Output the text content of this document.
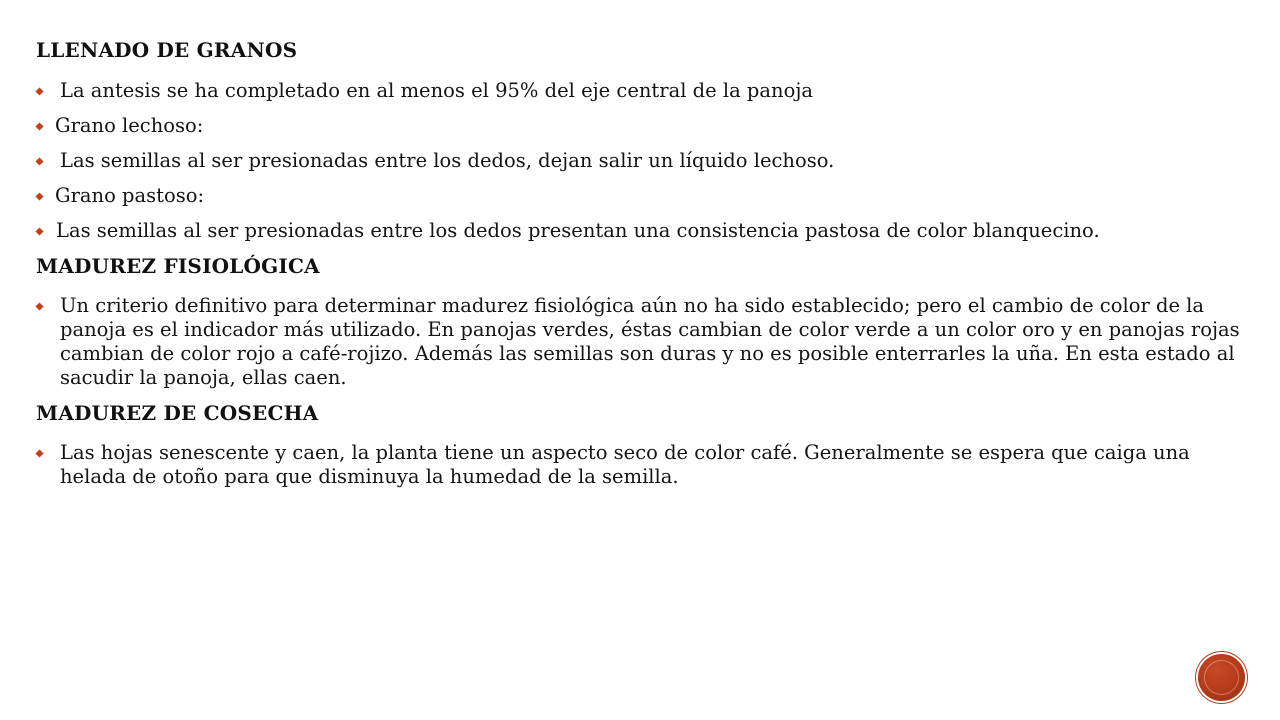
LLENADO DE GRANOS
La antesis se ha completado en al menos el 95% del eje central de la panoja
Grano lechoso:
Las semillas al ser presionadas entre los dedos, dejan salir un líquido lechoso.
Grano pastoso:
Las semillas al ser presionadas entre los dedos presentan una consistencia pastosa de color blanquecino.
MADUREZ FISIOLÓGICA
Un criterio definitivo para determinar madurez fisiológica aún no ha sido establecido; pero el cambio de color de la panoja es el indicador más utilizado. En panojas verdes, éstas cambian de color verde a un color oro y en panojas rojas cambian de color rojo a café-rojizo. Además las semillas son duras y no es posible enterrarles la uña. En esta estado al sacudir la panoja, ellas caen.
MADUREZ DE COSECHA
Las hojas senescente y caen, la planta tiene un aspecto seco de color café. Generalmente se espera que caiga una helada de otoño para que disminuya la humedad de la semilla.
